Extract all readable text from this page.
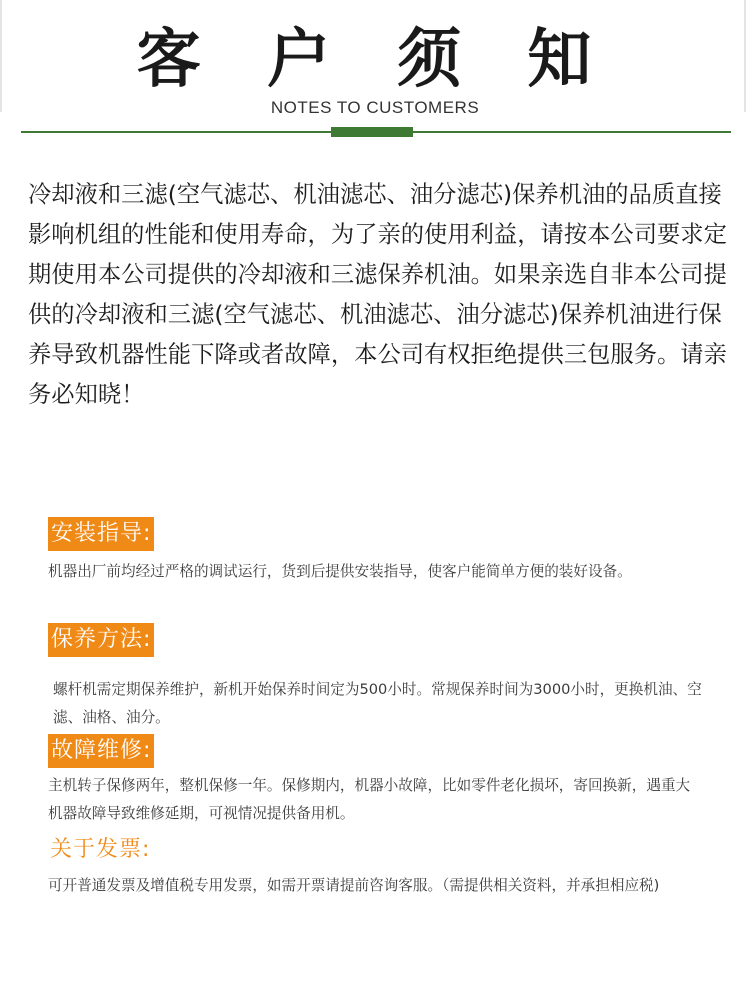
客 户 须 知
NOTES TO CUSTOMERS
冷却液和三滤(空气滤芯、机油滤芯、油分滤芯)保养机油的品质直接影响机组的性能和使用寿命，为了亲的使用利益，请按本公司要求定期使用本公司提供的冷却液和三滤保养机油。如果亲选自非本公司提供的冷却液和三滤(空气滤芯、机油滤芯、油分滤芯)保养机油进行保养导致机器性能下降或者故障，本公司有权拒绝提供三包服务。请亲务必知晓！
安装指导:
机器出厂前均经过严格的调试运行，货到后提供安装指导，使客户能简单方便的装好设备。
保养方法:
螺杆机需定期保养维护，新机开始保养时间定为500小时。常规保养时间为3000小时，更换机油、空滤、油格、油分。
故障维修:
主机转子保修两年，整机保修一年。保修期内，机器小故障，比如零件老化损坏，寄回换新，遇重大机器故障导致维修延期，可视情况提供备用机。
关于发票:
可开普通发票及增值税专用发票，如需开票请提前咨询客服。（需提供相关资料，并承担相应税)
